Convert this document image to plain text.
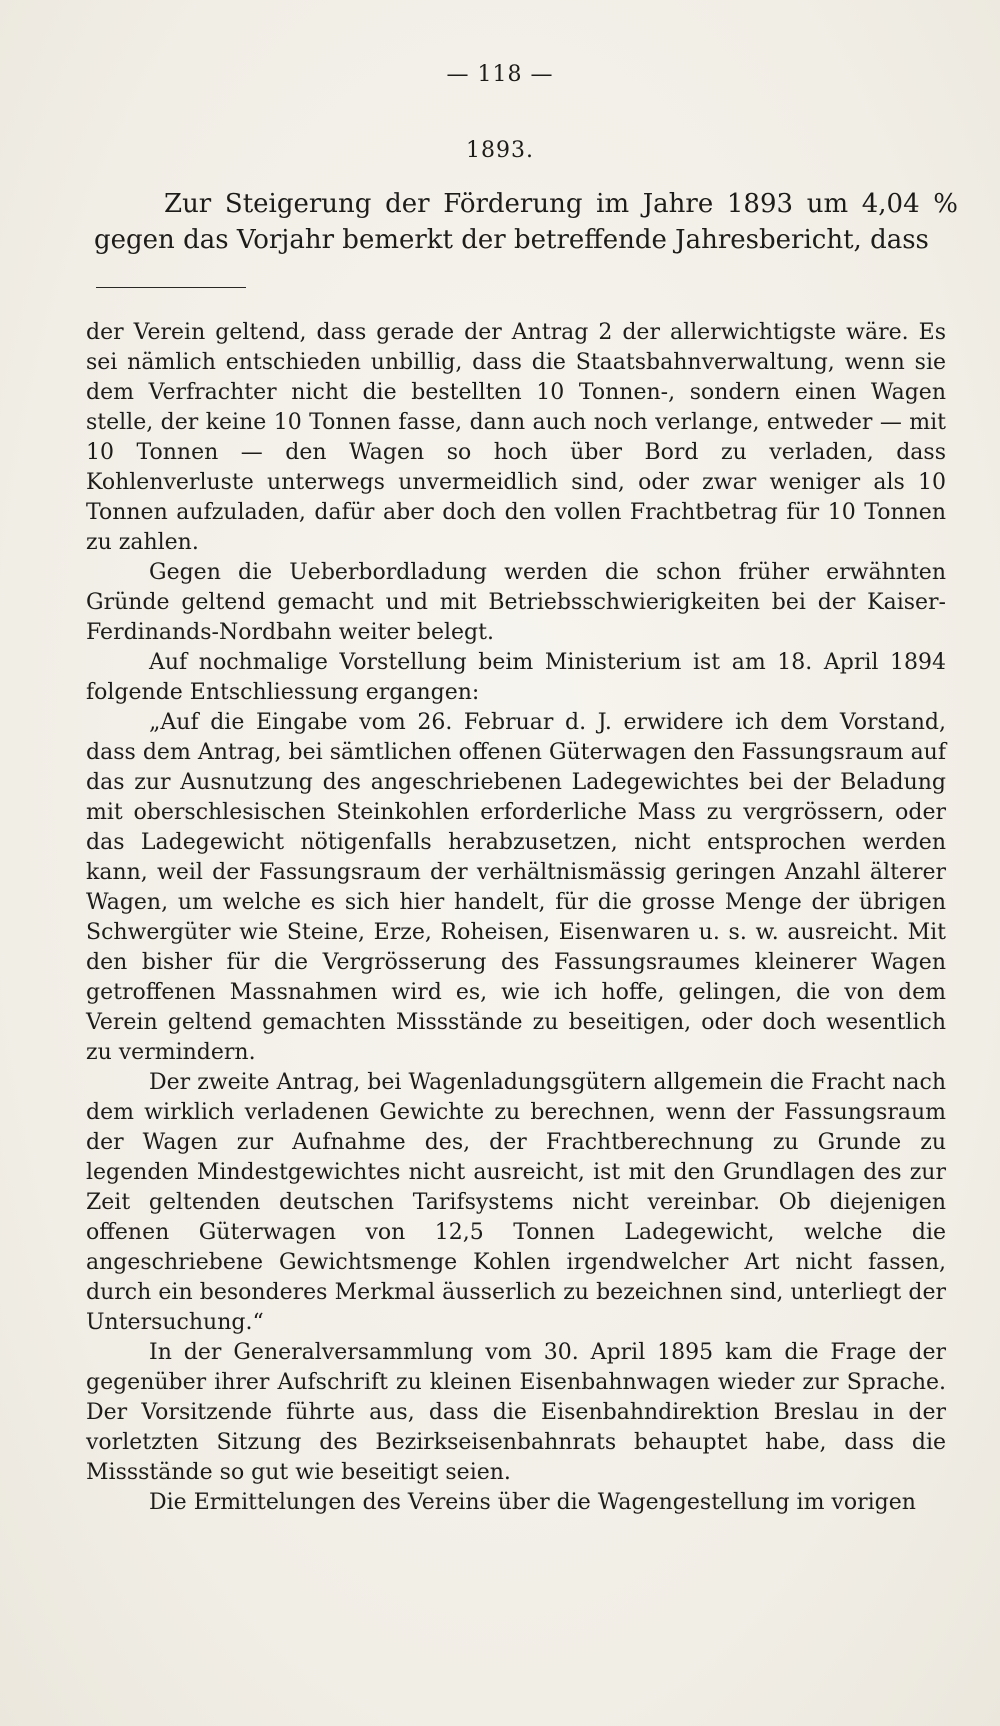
— 118 —
1893.

Zur Steigerung der Förderung im Jahre 1893 um 4,04 % gegen das Vorjahr bemerkt der betreffende Jahresbericht, dass

der Verein geltend, dass gerade der Antrag 2 der allerwichtigste wäre. Es sei nämlich entschieden unbillig, dass die Staatsbahnverwaltung, wenn sie dem Verfrachter nicht die bestellten 10 Tonnen-, sondern einen Wagen stelle, der keine 10 Tonnen fasse, dann auch noch verlange, entweder — mit 10 Tonnen — den Wagen so hoch über Bord zu verladen, dass Kohlenverluste unterwegs unvermeidlich sind, oder zwar weniger als 10 Tonnen aufzuladen, dafür aber doch den vollen Frachtbetrag für 10 Tonnen zu zahlen.

Gegen die Ueberbordladung werden die schon früher erwähnten Gründe geltend gemacht und mit Betriebsschwierigkeiten bei der Kaiser-Ferdinands-Nordbahn weiter belegt.

Auf nochmalige Vorstellung beim Ministerium ist am 18. April 1894 folgende Entschliessung ergangen:

„Auf die Eingabe vom 26. Februar d. J. erwidere ich dem Vorstand, dass dem Antrag, bei sämtlichen offenen Güterwagen den Fassungsraum auf das zur Ausnutzung des angeschriebenen Ladegewichtes bei der Beladung mit oberschlesischen Steinkohlen erforderliche Mass zu vergrössern, oder das Ladegewicht nötigenfalls herabzusetzen, nicht entsprochen werden kann, weil der Fassungsraum der verhältnismässig geringen Anzahl älterer Wagen, um welche es sich hier handelt, für die grosse Menge der übrigen Schwergüter wie Steine, Erze, Roheisen, Eisenwaren u. s. w. ausreicht. Mit den bisher für die Vergrösserung des Fassungsraumes kleinerer Wagen getroffenen Massnahmen wird es, wie ich hoffe, gelingen, die von dem Verein geltend gemachten Missstände zu beseitigen, oder doch wesentlich zu vermindern.

Der zweite Antrag, bei Wagenladungsgütern allgemein die Fracht nach dem wirklich verladenen Gewichte zu berechnen, wenn der Fassungsraum der Wagen zur Aufnahme des, der Frachtberechnung zu Grunde zu legenden Mindestgewichtes nicht ausreicht, ist mit den Grundlagen des zur Zeit geltenden deutschen Tarifsystems nicht vereinbar. Ob diejenigen offenen Güterwagen von 12,5 Tonnen Ladegewicht, welche die angeschriebene Gewichtsmenge Kohlen irgendwelcher Art nicht fassen, durch ein besonderes Merkmal äusserlich zu bezeichnen sind, unterliegt der Untersuchung.“

In der Generalversammlung vom 30. April 1895 kam die Frage der gegenüber ihrer Aufschrift zu kleinen Eisenbahnwagen wieder zur Sprache. Der Vorsitzende führte aus, dass die Eisenbahndirektion Breslau in der vorletzten Sitzung des Bezirkseisenbahnrats behauptet habe, dass die Missstände so gut wie beseitigt seien.

Die Ermittelungen des Vereins über die Wagengestellung im vorigen
